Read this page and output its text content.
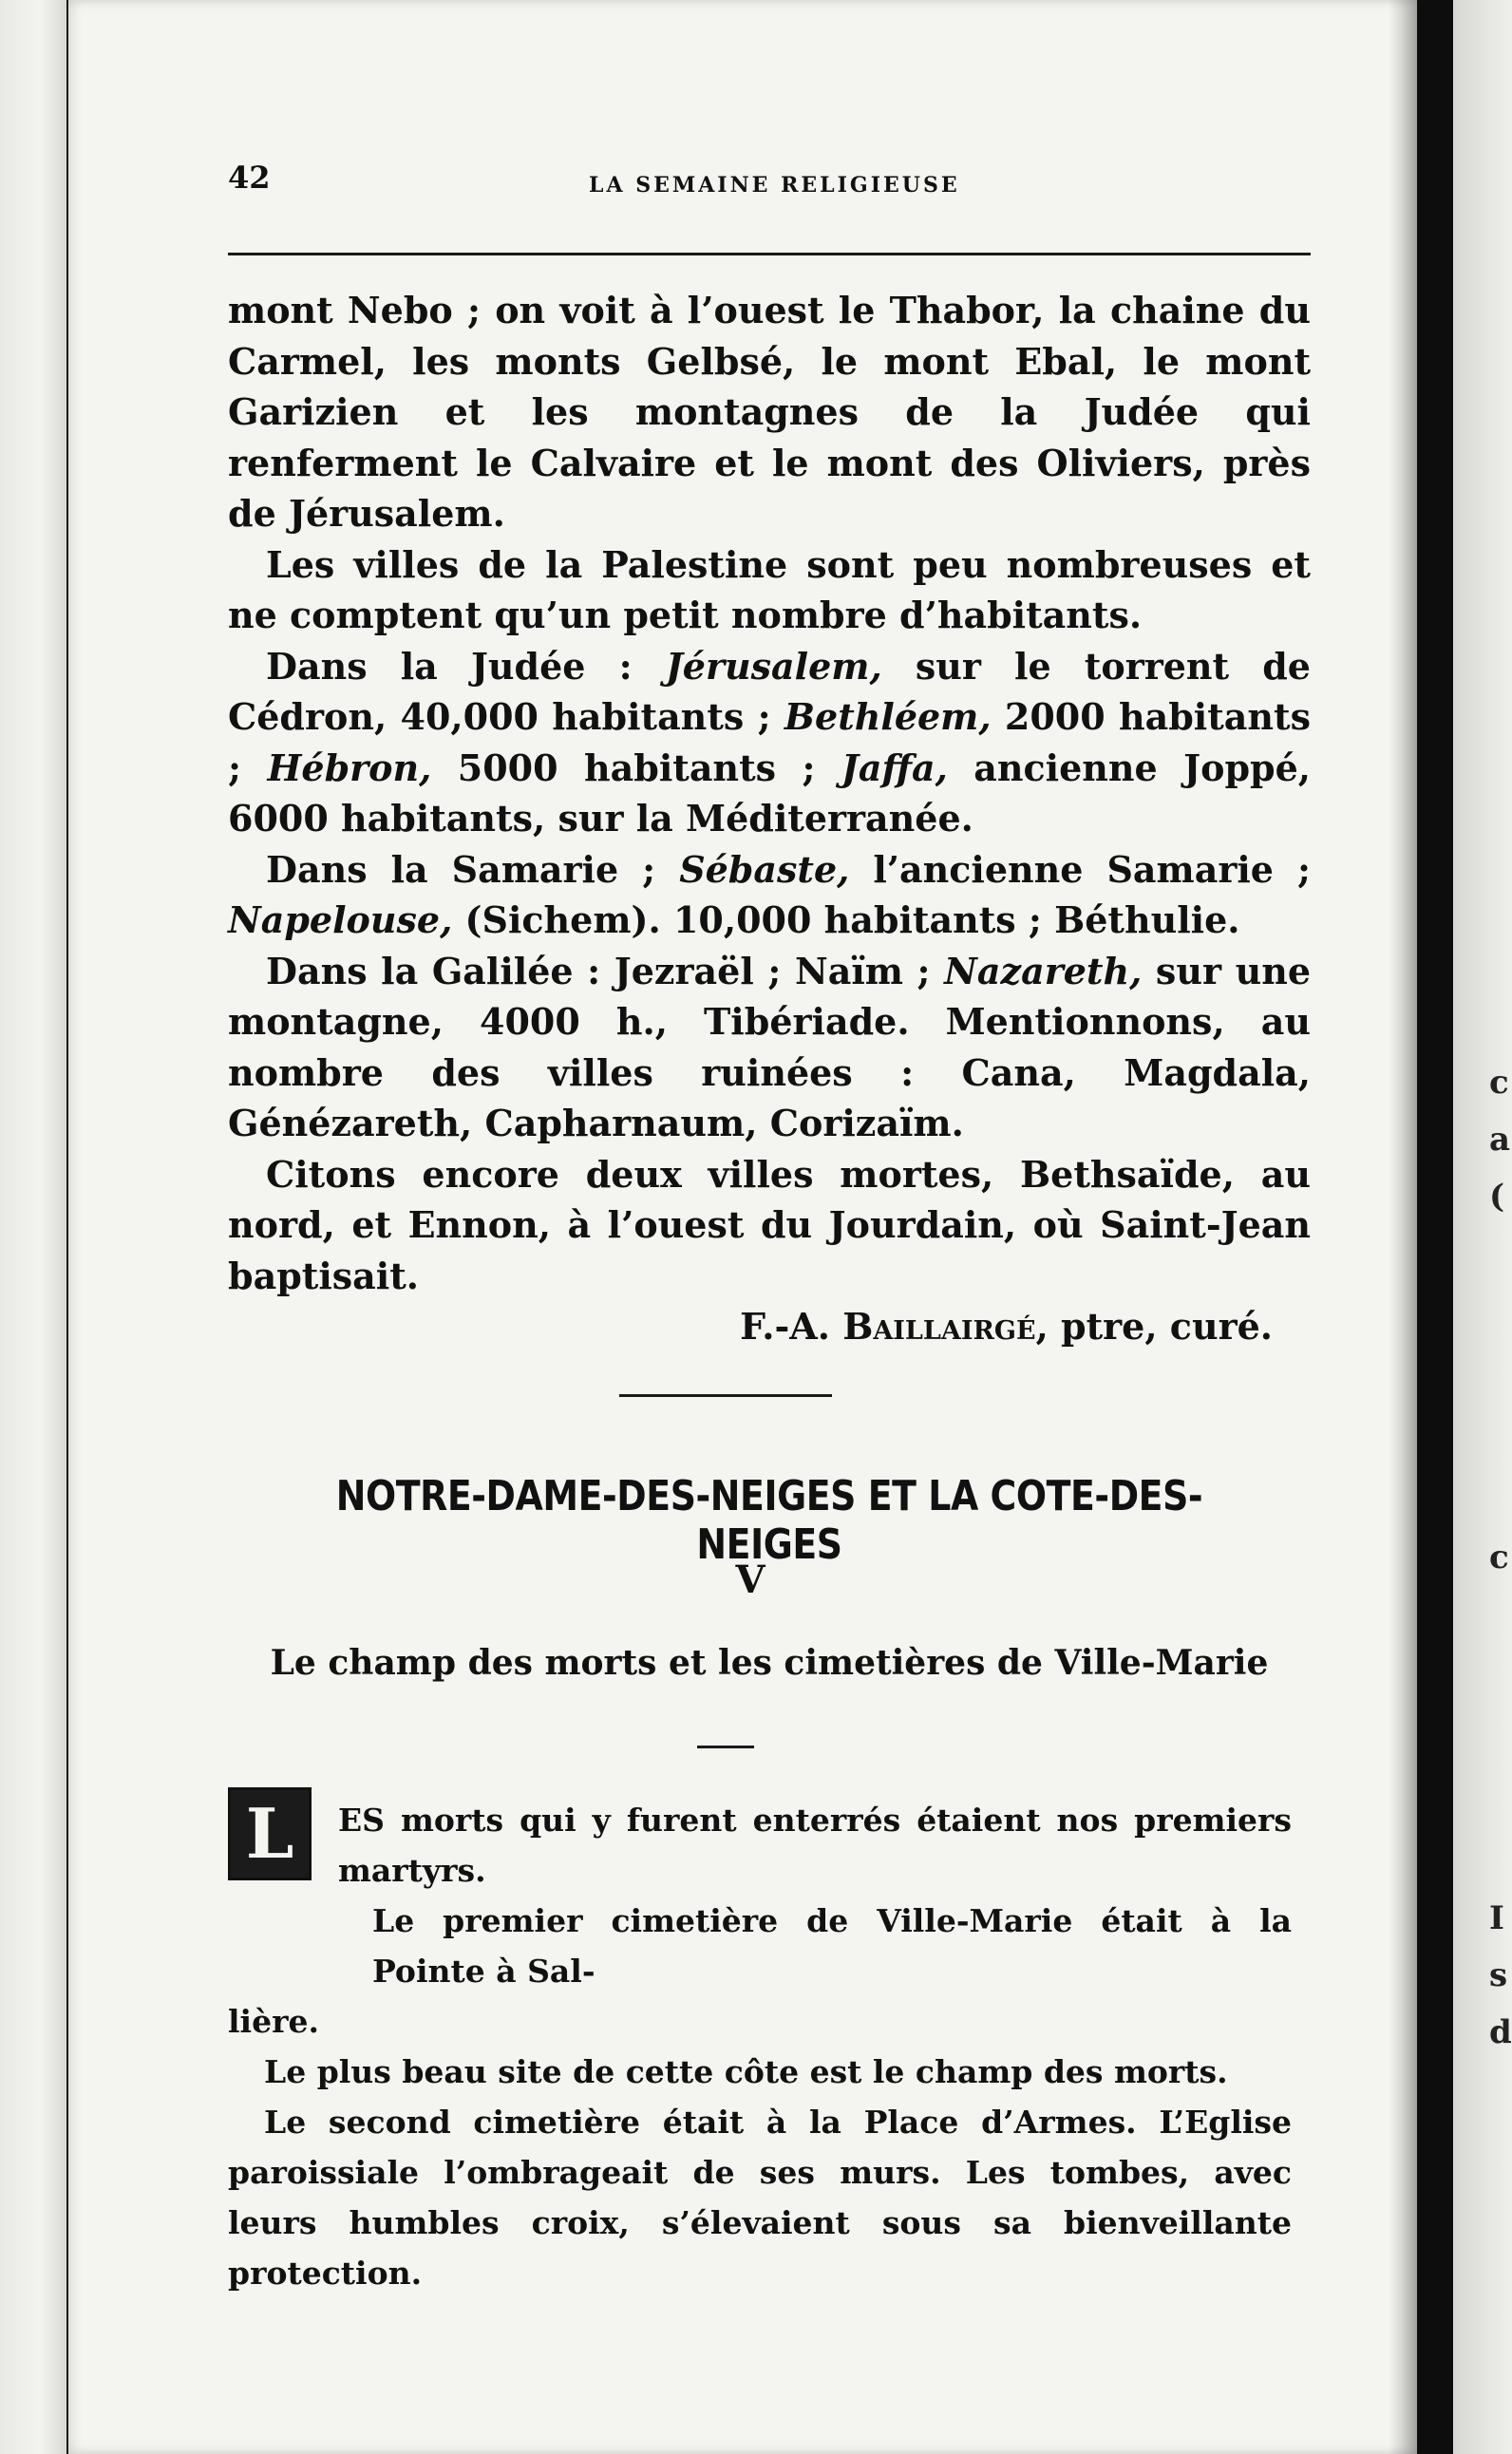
c
a
(
c
I
s
d
42	LA SEMAINE RELIGIEUSE

mont Nebo ; on voit à l’ouest le Thabor, la chaine du Carmel, les monts Gelbsé, le mont Ebal, le mont Garizien et les montagnes de la Judée qui renferment le Calvaire et le mont des Oliviers, près de Jérusalem.

Les villes de la Palestine sont peu nombreuses et ne comptent qu’un petit nombre d’habitants.

Dans la Judée : Jérusalem, sur le torrent de Cédron, 40,000 habitants ; Bethléem, 2000 habitants ; Hébron, 5000 habitants ; Jaffa, ancienne Joppé, 6000 habitants, sur la Méditerranée.

Dans la Samarie ; Sébaste, l’ancienne Samarie ; Napelouse, (Sichem). 10,000 habitants ; Béthulie.

Dans la Galilée : Jezraël ; Naïm ; Nazareth, sur une montagne, 4000 h., Tibériade. Mentionnons, au nombre des villes ruinées : Cana, Magdala, Génézareth, Capharnaum, Corizaïm.

Citons encore deux villes mortes, Bethsaïde, au nord, et Ennon, à l’ouest du Jourdain, où Saint-Jean baptisait.

F.-A. Baillairgé, ptre, curé.

NOTRE-DAME-DES-NEIGES ET LA COTE-DES-NEIGES
V
Le champ des morts et les cimetières de Ville-Marie
L	ES morts qui y furent enterrés étaient nos premiers martyrs.
Le premier cimetière de Ville-Marie était à la Pointe à Sal-
lière.

Le plus beau site de cette côte est le champ des morts.

Le second cimetière était à la Place d’Armes. L’Eglise paroissiale l’ombrageait de ses murs. Les tombes, avec leurs humbles croix, s’élevaient sous sa bienveillante protection.
